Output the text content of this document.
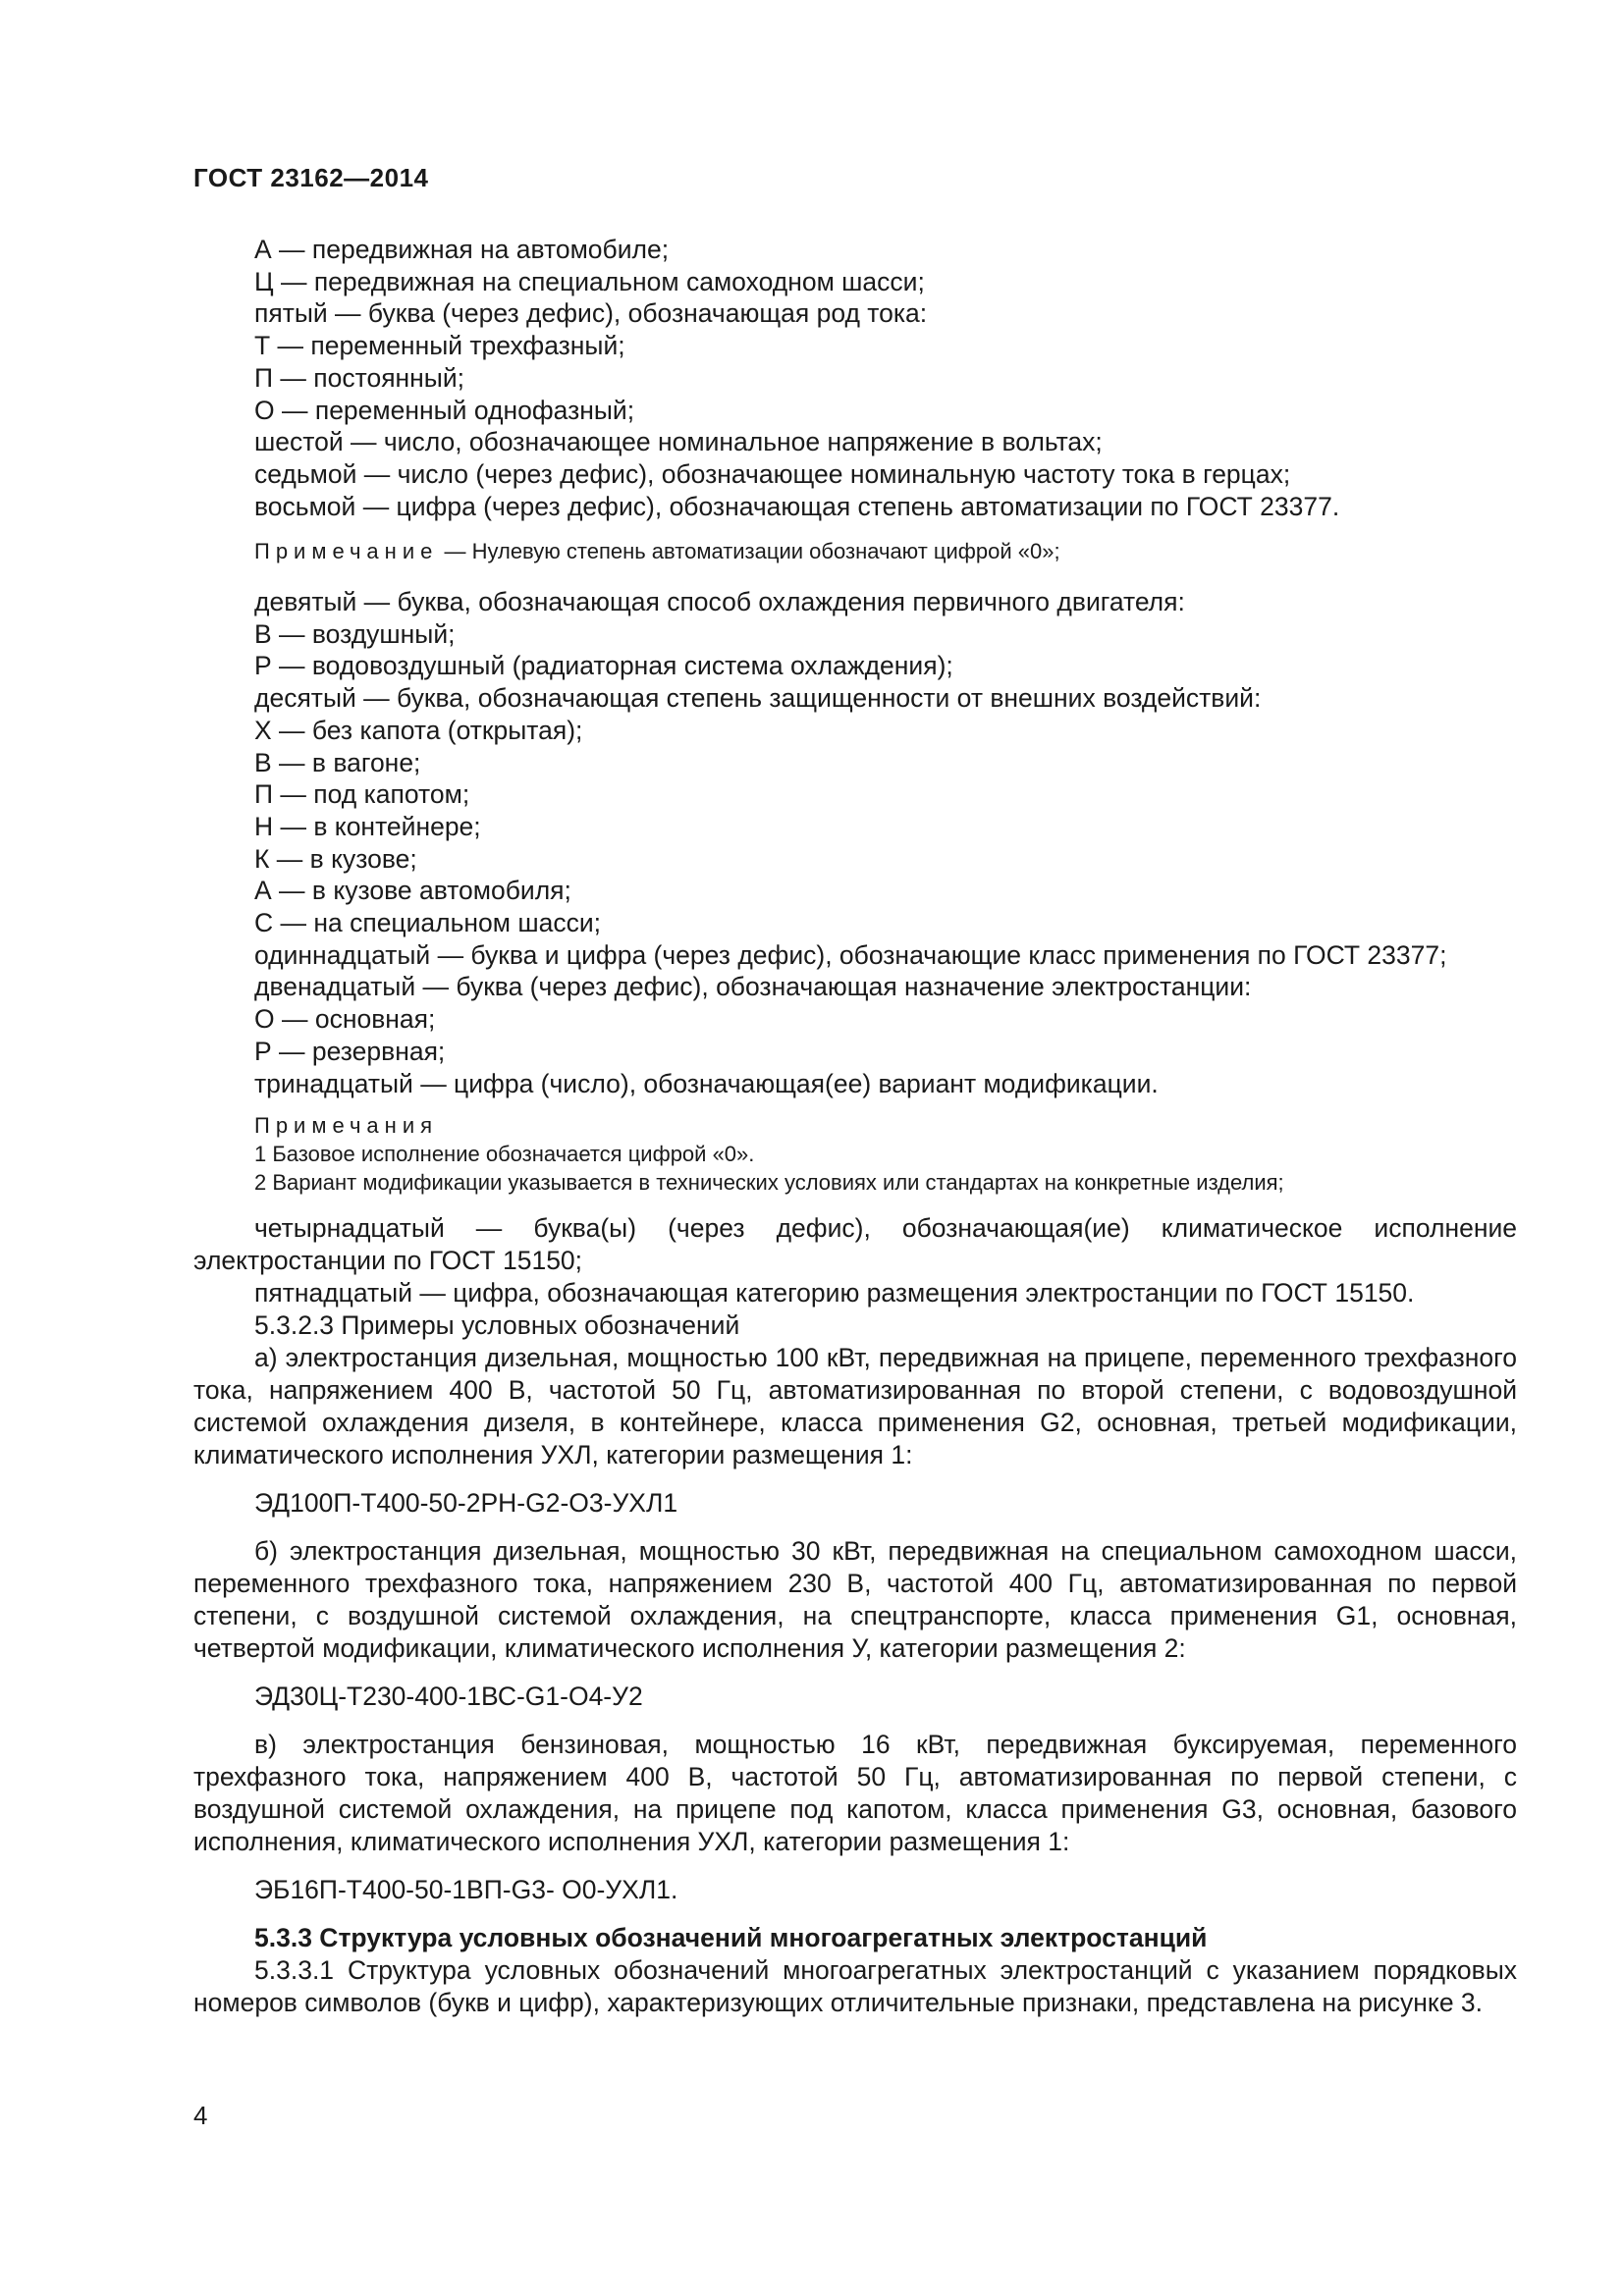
ГОСТ 23162—2014
А — передвижная на автомобиле;
Ц — передвижная на специальном самоходном шасси;
пятый — буква (через дефис), обозначающая род тока:
Т — переменный трехфазный;
П — постоянный;
О — переменный однофазный;
шестой — число, обозначающее номинальное напряжение в вольтах;
седьмой — число (через дефис), обозначающее номинальную частоту тока в герцах;
восьмой — цифра (через дефис), обозначающая степень автоматизации по ГОСТ 23377.
Примечание — Нулевую степень автоматизации обозначают цифрой «0»;
девятый — буква, обозначающая способ охлаждения первичного двигателя:
В — воздушный;
Р — водовоздушный (радиаторная система охлаждения);
десятый — буква, обозначающая степень защищенности от внешних воздействий:
Х — без капота (открытая);
В — в вагоне;
П — под капотом;
Н — в контейнере;
К — в кузове;
А — в кузове автомобиля;
С — на специальном шасси;
одиннадцатый — буква и цифра (через дефис), обозначающие класс применения по ГОСТ 23377;
двенадцатый — буква (через дефис), обозначающая назначение электростанции:
О — основная;
Р — резервная;
тринадцатый — цифра (число), обозначающая(ее) вариант модификации.
Примечания
1 Базовое исполнение обозначается цифрой «0».
2 Вариант модификации указывается в технических условиях или стандартах на конкретные изделия;
четырнадцатый — буква(ы) (через дефис), обозначающая(ие) климатическое исполнение электростанции по ГОСТ 15150;
пятнадцатый — цифра, обозначающая категорию размещения электростанции по ГОСТ 15150.
5.3.2.3 Примеры условных обозначений
а) электростанция дизельная, мощностью 100 кВт, передвижная на прицепе, переменного трехфазного тока, напряжением 400 В, частотой 50 Гц, автоматизированная по второй степени, с водовоздушной системой охлаждения дизеля, в контейнере, класса применения G2, основная, третьей модификации, климатического исполнения УХЛ, категории размещения 1:
ЭД100П-Т400-50-2РН-G2-О3-УХЛ1
б) электростанция дизельная, мощностью 30 кВт, передвижная на специальном самоходном шасси, переменного трехфазного тока, напряжением 230 В, частотой 400 Гц, автоматизированная по первой степени, с воздушной системой охлаждения, на спецтранспорте, класса применения G1, основная, четвертой модификации, климатического исполнения У, категории размещения 2:
ЭД30Ц-Т230-400-1ВС-G1-О4-У2
в) электростанция бензиновая, мощностью 16 кВт, передвижная буксируемая, переменного трехфазного тока, напряжением 400 В, частотой 50 Гц, автоматизированная по первой степени, с воздушной системой охлаждения, на прицепе под капотом, класса применения G3, основная, базового исполнения, климатического исполнения УХЛ, категории размещения 1:
ЭБ16П-Т400-50-1ВП-G3- О0-УХЛ1.
5.3.3 Структура условных обозначений многоагрегатных электростанций
5.3.3.1 Структура условных обозначений многоагрегатных электростанций с указанием порядковых номеров символов (букв и цифр), характеризующих отличительные признаки, представлена на рисунке 3.
4
